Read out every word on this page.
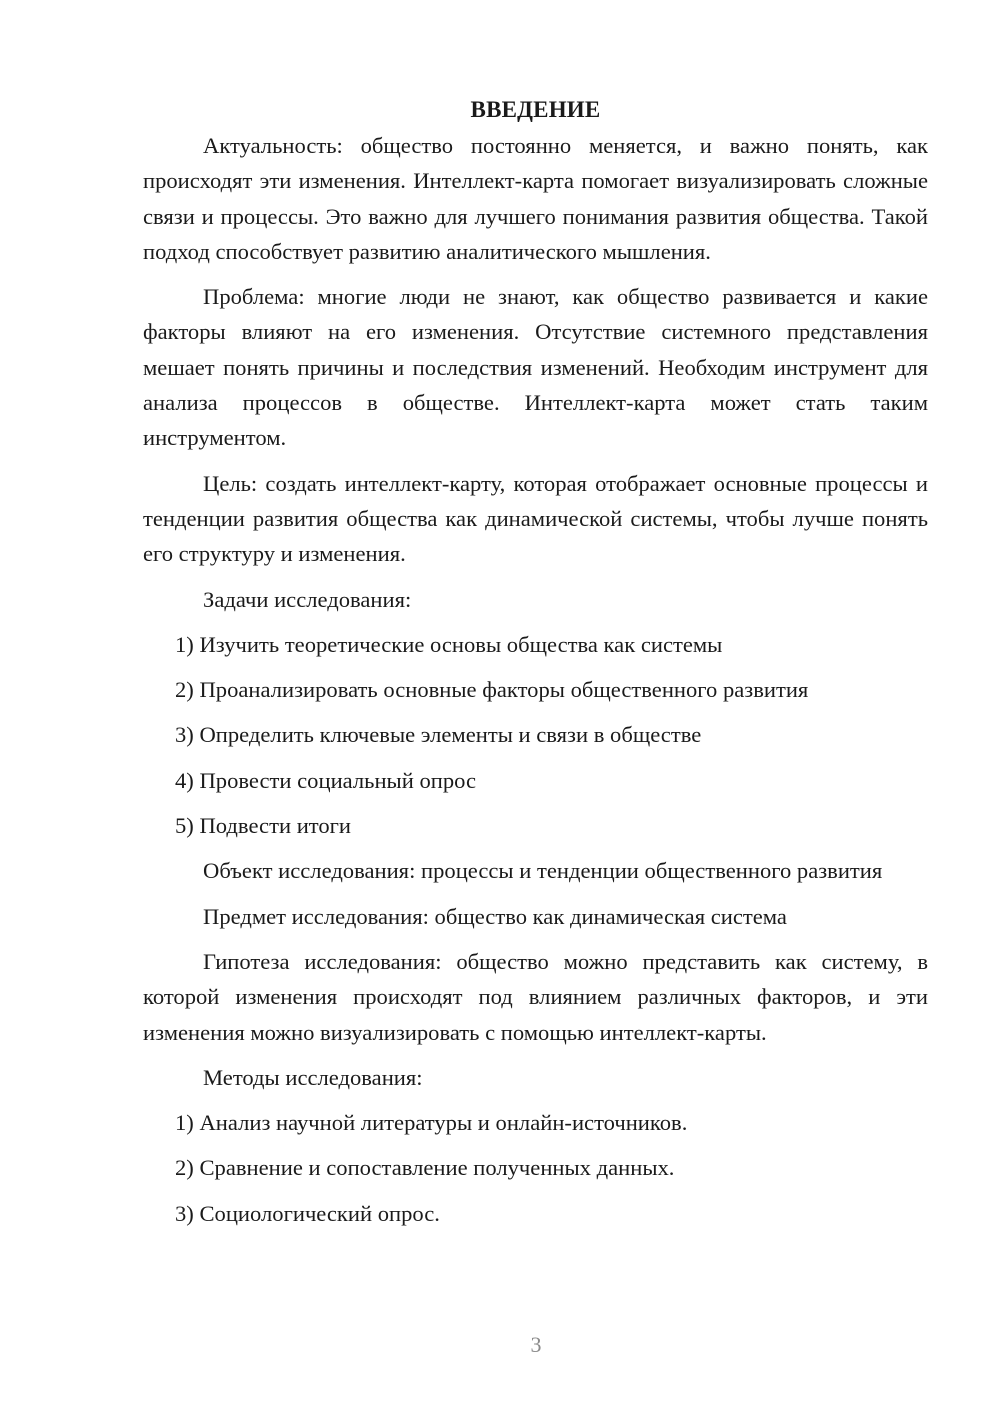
ВВЕДЕНИЕ

Актуальность: общество постоянно меняется, и важно понять, как происходят эти изменения. Интеллект-карта помогает визуализировать сложные связи и процессы. Это важно для лучшего понимания развития общества. Такой подход способствует развитию аналитического мышления.

Проблема: многие люди не знают, как общество развивается и какие факторы влияют на его изменения. Отсутствие системного представления мешает понять причины и последствия изменений. Необходим инструмент для анализа процессов в обществе. Интеллект-карта может стать таким инструментом.

Цель: создать интеллект-карту, которая отображает основные процессы и тенденции развития общества как динамической системы, чтобы лучше понять его структуру и изменения.

Задачи исследования:

1) Изучить теоретические основы общества как системы

2) Проанализировать основные факторы общественного развития

3) Определить ключевые элементы и связи в обществе

4) Провести социальный опрос

5) Подвести итоги

Объект исследования: процессы и тенденции общественного развития

Предмет исследования: общество как динамическая система

Гипотеза исследования: общество можно представить как систему, в которой изменения происходят под влиянием различных факторов, и эти изменения можно визуализировать с помощью интеллект-карты.

Методы исследования:

1) Анализ научной литературы и онлайн-источников.

2) Сравнение и сопоставление полученных данных.

3) Социологический опрос.

3
